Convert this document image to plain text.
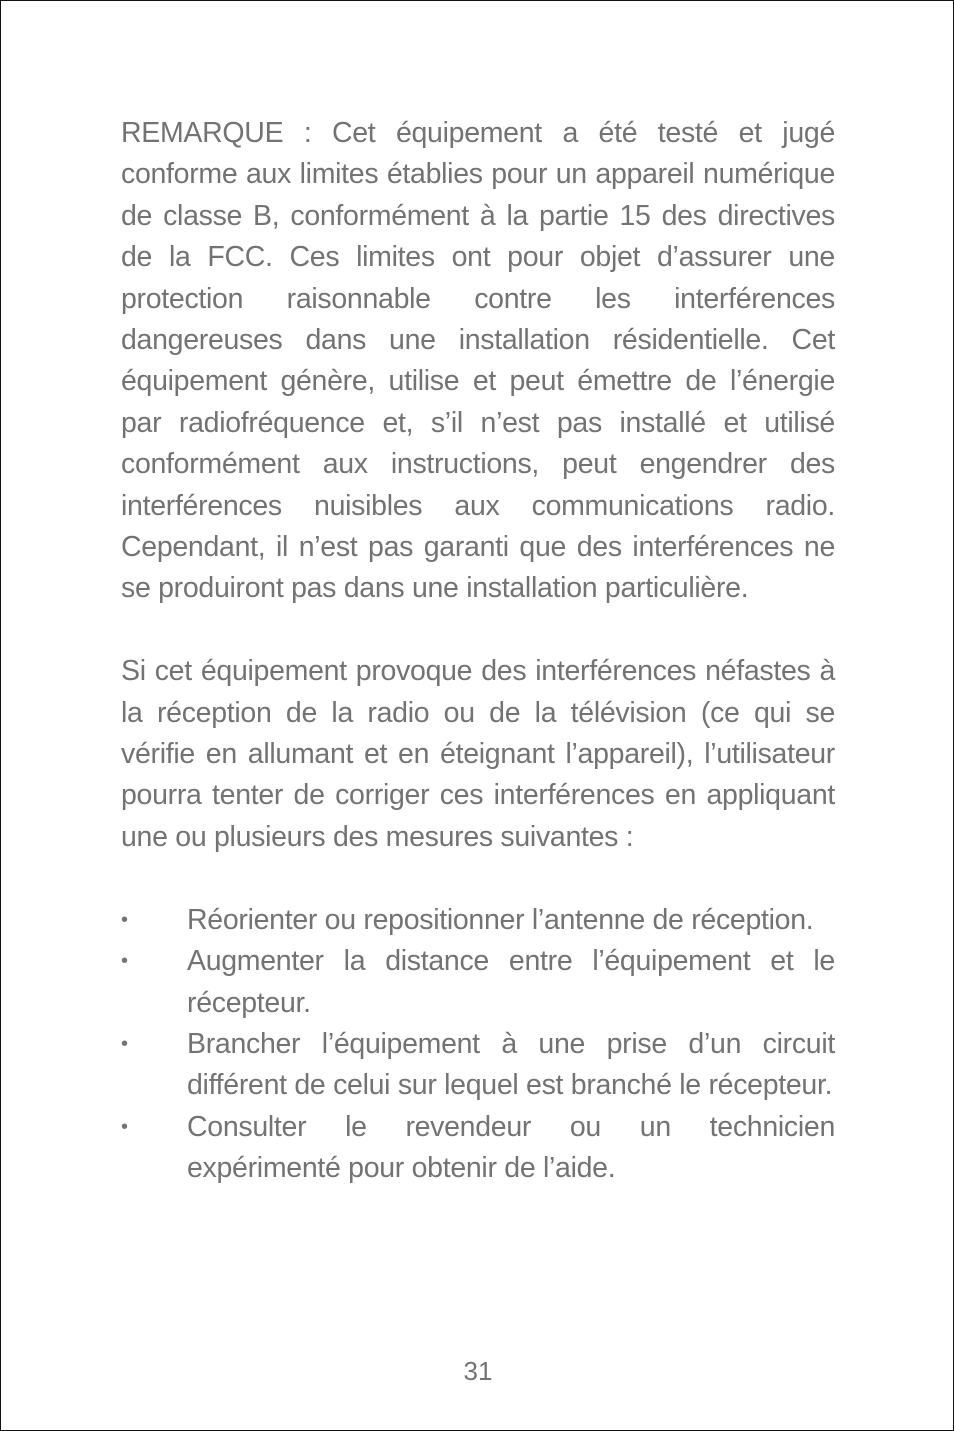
REMARQUE : Cet équipement a été testé et jugé conforme aux limites établies pour un appareil numérique de classe B, conformément à la partie 15 des directives de la FCC. Ces limites ont pour objet d’assurer une protection raisonnable contre les interférences dangereuses dans une installation résidentielle. Cet équipement génère, utilise et peut émettre de l’énergie par radiofréquence et, s’il n’est pas installé et utilisé conformément aux instructions, peut engendrer des interférences nuisibles aux communications radio. Cependant, il n’est pas garanti que des interférences ne se produiront pas dans une installation particulière.

Si cet équipement provoque des interférences néfastes à la réception de la radio ou de la télévision (ce qui se vérifie en allumant et en éteignant l’appareil), l’utilisateur pourra tenter de corriger ces interférences en appliquant une ou plusieurs des mesures suivantes :

•	Réorienter ou repositionner l’antenne de réception.
•	Augmenter la distance entre l’équipement et le récepteur.
•	Brancher l’équipement à une prise d’un circuit différent de celui sur lequel est branché le récepteur.
•	Consulter le revendeur ou un technicien expérimenté pour obtenir de l’aide.
31
